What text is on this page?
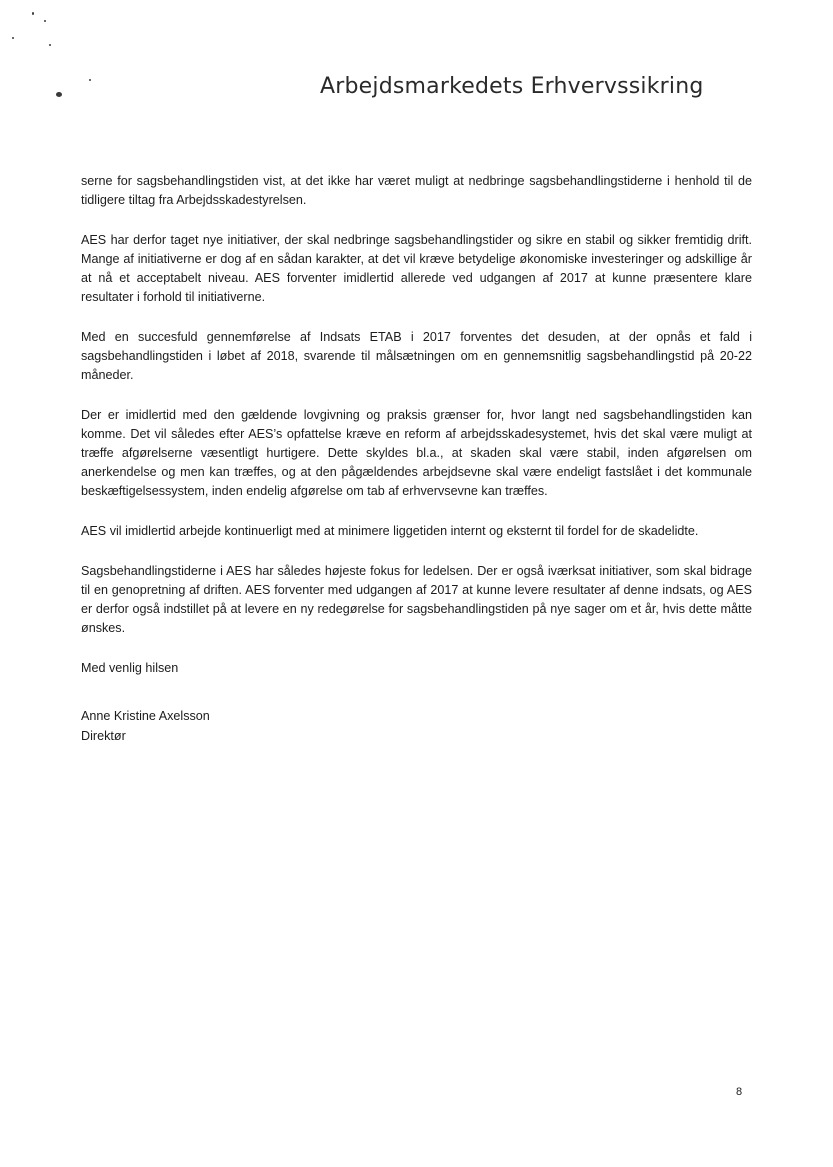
Arbejdsmarkedets Erhvervssikring

serne for sagsbehandlingstiden vist, at det ikke har været muligt at nedbringe sagsbehandlingstiderne i henhold til de tidligere tiltag fra Arbejdsskadestyrelsen.

AES har derfor taget nye initiativer, der skal nedbringe sagsbehandlingstider og sikre en stabil og sikker fremtidig drift. Mange af initiativerne er dog af en sådan karakter, at det vil kræve betydelige økonomiske investeringer og adskillige år at nå et acceptabelt niveau. AES forventer imidlertid allerede ved udgangen af 2017 at kunne præsentere klare resultater i forhold til initiativerne.

Med en succesfuld gennemførelse af Indsats ETAB i 2017 forventes det desuden, at der opnås et fald i sagsbehandlingstiden i løbet af 2018, svarende til målsætningen om en gennemsnitlig sagsbehandlingstid på 20-22 måneder.

Der er imidlertid med den gældende lovgivning og praksis grænser for, hvor langt ned sagsbehandlingstiden kan komme. Det vil således efter AES’s opfattelse kræve en reform af arbejdsskadesystemet, hvis det skal være muligt at træffe afgørelserne væsentligt hurtigere. Dette skyldes bl.a., at skaden skal være stabil, inden afgørelsen om anerkendelse og men kan træffes, og at den pågældendes arbejdsevne skal være endeligt fastslået i det kommunale beskæftigelsessystem, inden endelig afgørelse om tab af erhvervsevne kan træffes.

AES vil imidlertid arbejde kontinuerligt med at minimere liggetiden internt og eksternt til fordel for de skadelidte.

Sagsbehandlingstiderne i AES har således højeste fokus for ledelsen. Der er også iværksat initiativer, som skal bidrage til en genopretning af driften. AES forventer med udgangen af 2017 at kunne levere resultater af denne indsats, og AES er derfor også indstillet på at levere en ny redegørelse for sagsbehandlingstiden på nye sager om et år, hvis dette måtte ønskes.

Med venlig hilsen

Anne Kristine Axelsson
Direktør
8
